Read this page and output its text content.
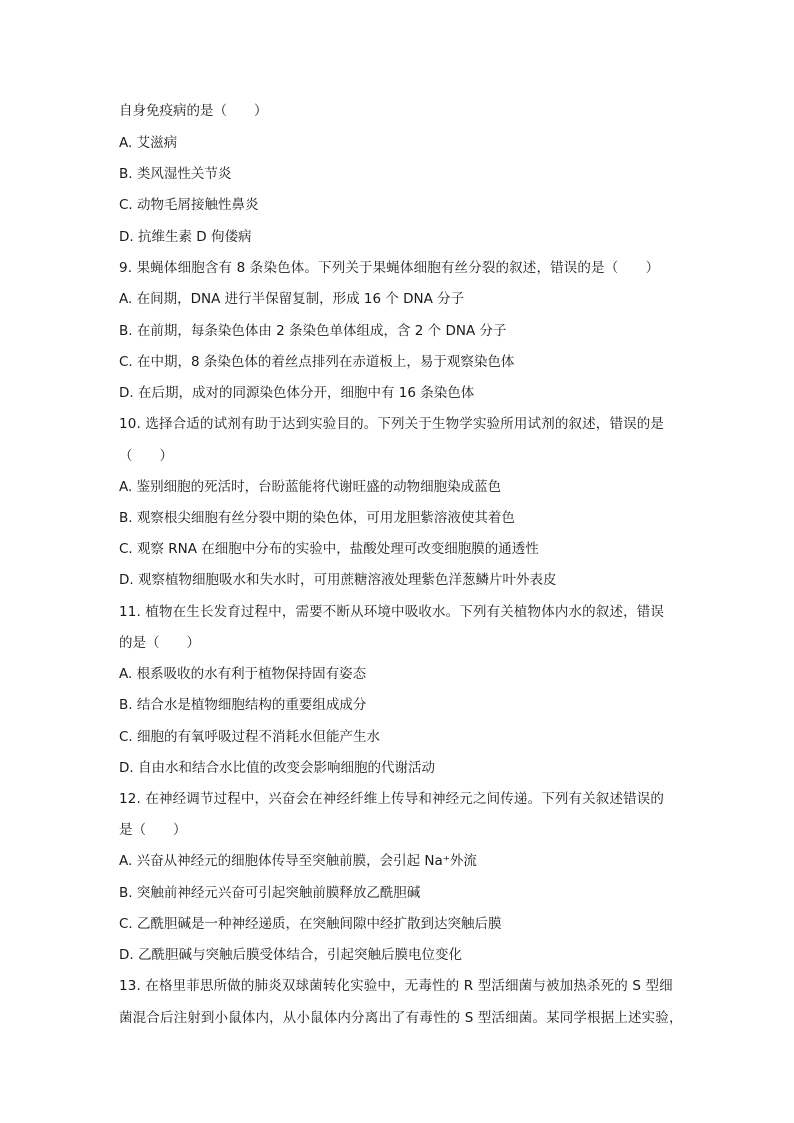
自身免疫病的是（　　）
A. 艾滋病
B. 类风湿性关节炎
C. 动物毛屑接触性鼻炎
D. 抗维生素 D 佝偻病
9. 果蝇体细胞含有 8 条染色体。下列关于果蝇体细胞有丝分裂的叙述，错误的是（　　）
A. 在间期，DNA 进行半保留复制，形成 16 个 DNA 分子
B. 在前期，每条染色体由 2 条染色单体组成，含 2 个 DNA 分子
C. 在中期，8 条染色体的着丝点排列在赤道板上，易于观察染色体
D. 在后期，成对的同源染色体分开，细胞中有 16 条染色体
10. 选择合适的试剂有助于达到实验目的。下列关于生物学实验所用试剂的叙述，错误的是
（　　）
A. 鉴别细胞的死活时，台盼蓝能将代谢旺盛的动物细胞染成蓝色
B. 观察根尖细胞有丝分裂中期的染色体，可用龙胆紫溶液使其着色
C. 观察 RNA 在细胞中分布的实验中，盐酸处理可改变细胞膜的通透性
D. 观察植物细胞吸水和失水时，可用蔗糖溶液处理紫色洋葱鳞片叶外表皮
11. 植物在生长发育过程中，需要不断从环境中吸收水。下列有关植物体内水的叙述，错误
的是（　　）
A. 根系吸收的水有利于植物保持固有姿态
B. 结合水是植物细胞结构的重要组成成分
C. 细胞的有氧呼吸过程不消耗水但能产生水
D. 自由水和结合水比值的改变会影响细胞的代谢活动
12. 在神经调节过程中，兴奋会在神经纤维上传导和神经元之间传递。下列有关叙述错误的
是（　　）
A. 兴奋从神经元的细胞体传导至突触前膜，会引起 Na⁺外流
B. 突触前神经元兴奋可引起突触前膜释放乙酰胆碱
C. 乙酰胆碱是一种神经递质，在突触间隙中经扩散到达突触后膜
D. 乙酰胆碱与突触后膜受体结合，引起突触后膜电位变化
13. 在格里菲思所做的肺炎双球菌转化实验中，无毒性的 R 型活细菌与被加热杀死的 S 型细
菌混合后注射到小鼠体内，从小鼠体内分离出了有毒性的 S 型活细菌。某同学根据上述实验，
